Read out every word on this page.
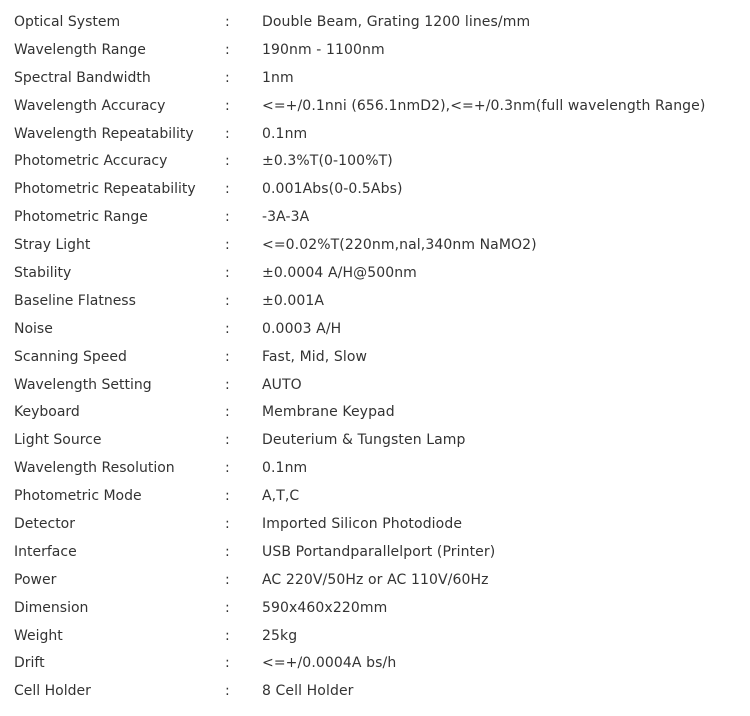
Optical System	:	Double Beam, Grating 1200 lines/mm
Wavelength Range	:	190nm - 1100nm
Spectral Bandwidth	:	1nm
Wavelength Accuracy	:	<=+/0.1nni (656.1nmD2),<=+/0.3nm(full wavelength Range)
Wavelength Repeatability	:	0.1nm
Photometric Accuracy	:	±0.3%T(0-100%T)
Photometric Repeatability	:	0.001Abs(0-0.5Abs)
Photometric Range	:	-3A-3A
Stray Light	:	<=0.02%T(220nm,nal,340nm NaMO2)
Stability	:	±0.0004 A/H@500nm
Baseline Flatness	:	±0.001A
Noise	:	0.0003 A/H
Scanning Speed	:	Fast, Mid, Slow
Wavelength Setting	:	AUTO
Keyboard	:	Membrane Keypad
Light Source	:	Deuterium & Tungsten Lamp
Wavelength Resolution	:	0.1nm
Photometric Mode	:	A,T,C
Detector	:	Imported Silicon Photodiode
Interface	:	USB Portandparallelport (Printer)
Power	:	AC 220V/50Hz or AC 110V/60Hz
Dimension	:	590x460x220mm
Weight	:	25kg
Drift	:	<=+/0.0004A bs/h
Cell Holder	:	8 Cell Holder
